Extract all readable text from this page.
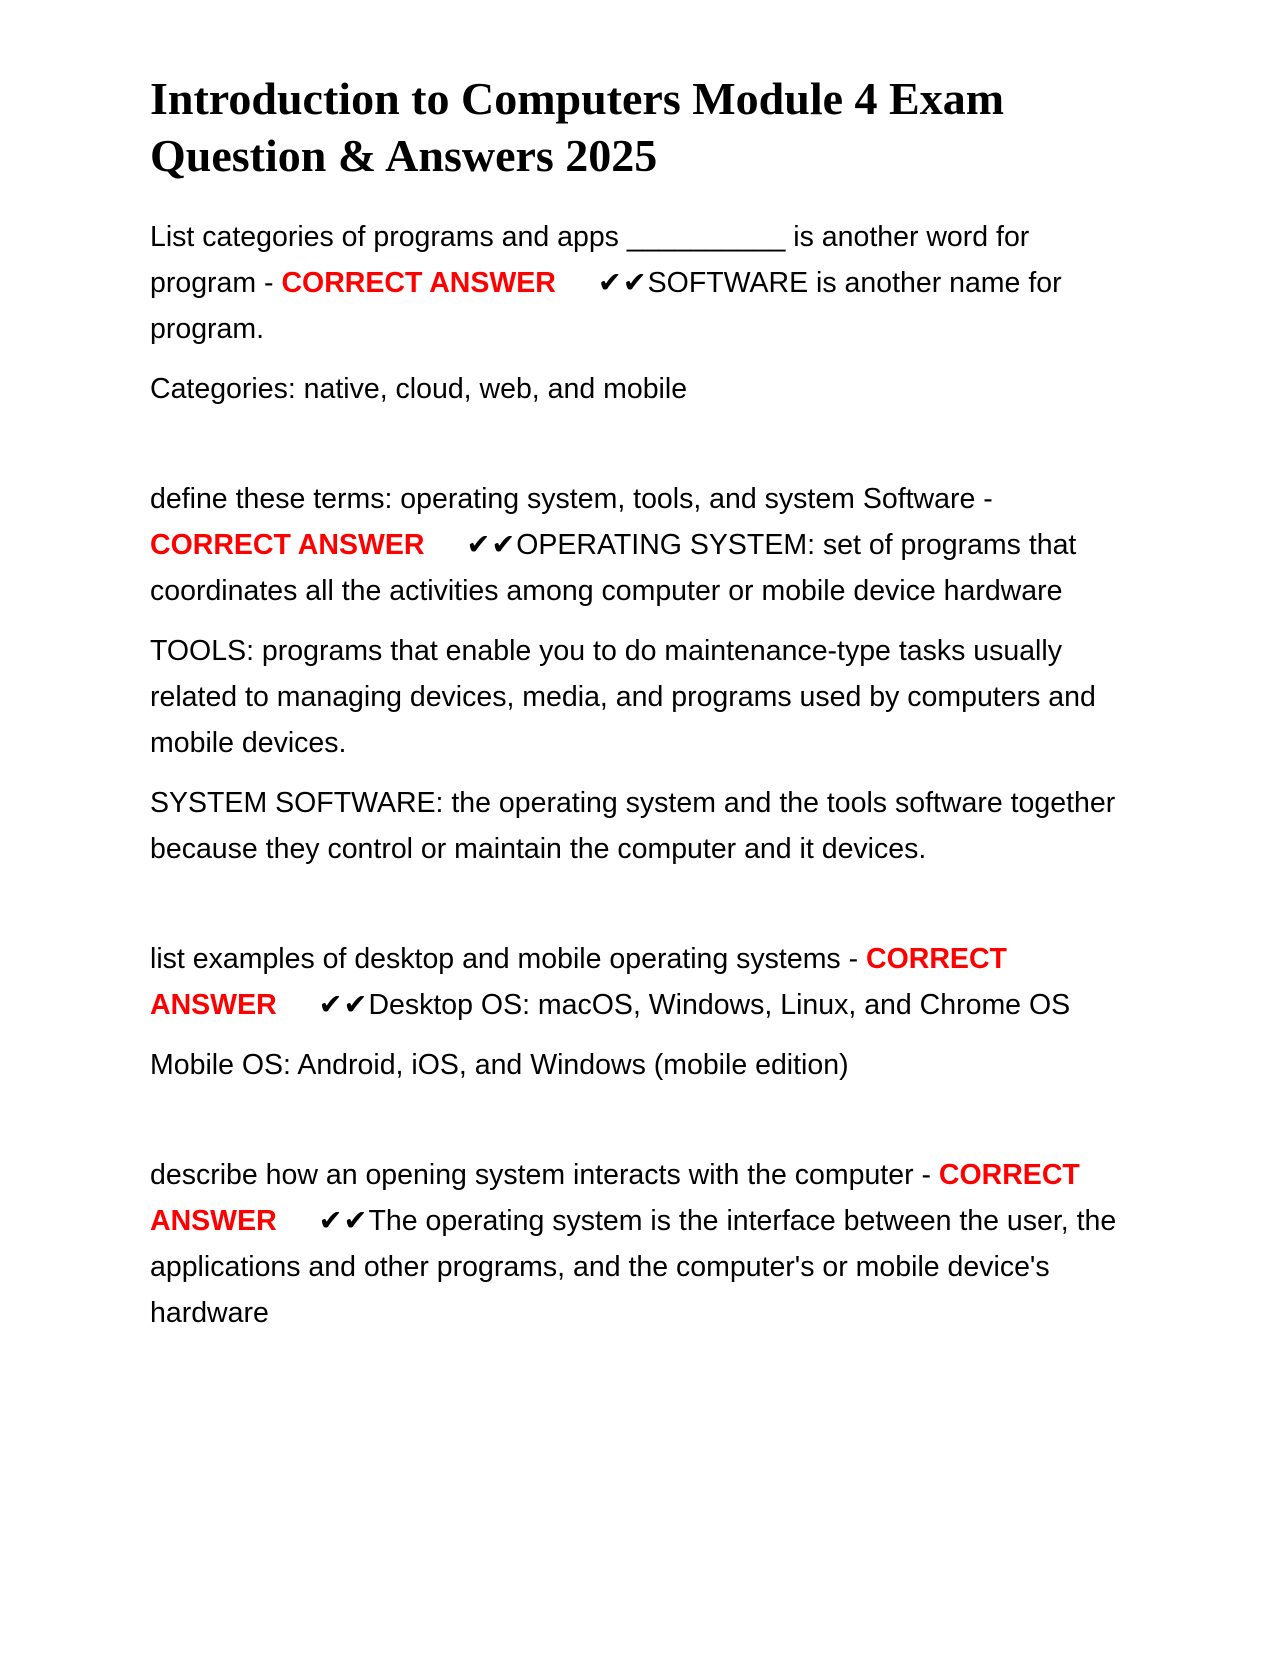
Introduction to Computers Module 4 Exam Question & Answers 2025

List categories of programs and apps __________ is another word for program - CORRECT ANSWER ✔✔SOFTWARE is another name for program.

Categories: native, cloud, web, and mobile

define these terms: operating system, tools, and system Software - CORRECT ANSWER ✔✔OPERATING SYSTEM: set of programs that coordinates all the activities among computer or mobile device hardware

TOOLS: programs that enable you to do maintenance-type tasks usually related to managing devices, media, and programs used by computers and mobile devices.

SYSTEM SOFTWARE: the operating system and the tools software together because they control or maintain the computer and it devices.

list examples of desktop and mobile operating systems - CORRECT ANSWER ✔✔Desktop OS: macOS, Windows, Linux, and Chrome OS

Mobile OS: Android, iOS, and Windows (mobile edition)

describe how an opening system interacts with the computer - CORRECT ANSWER ✔✔The operating system is the interface between the user, the applications and other programs, and the computer's or mobile device's hardware
